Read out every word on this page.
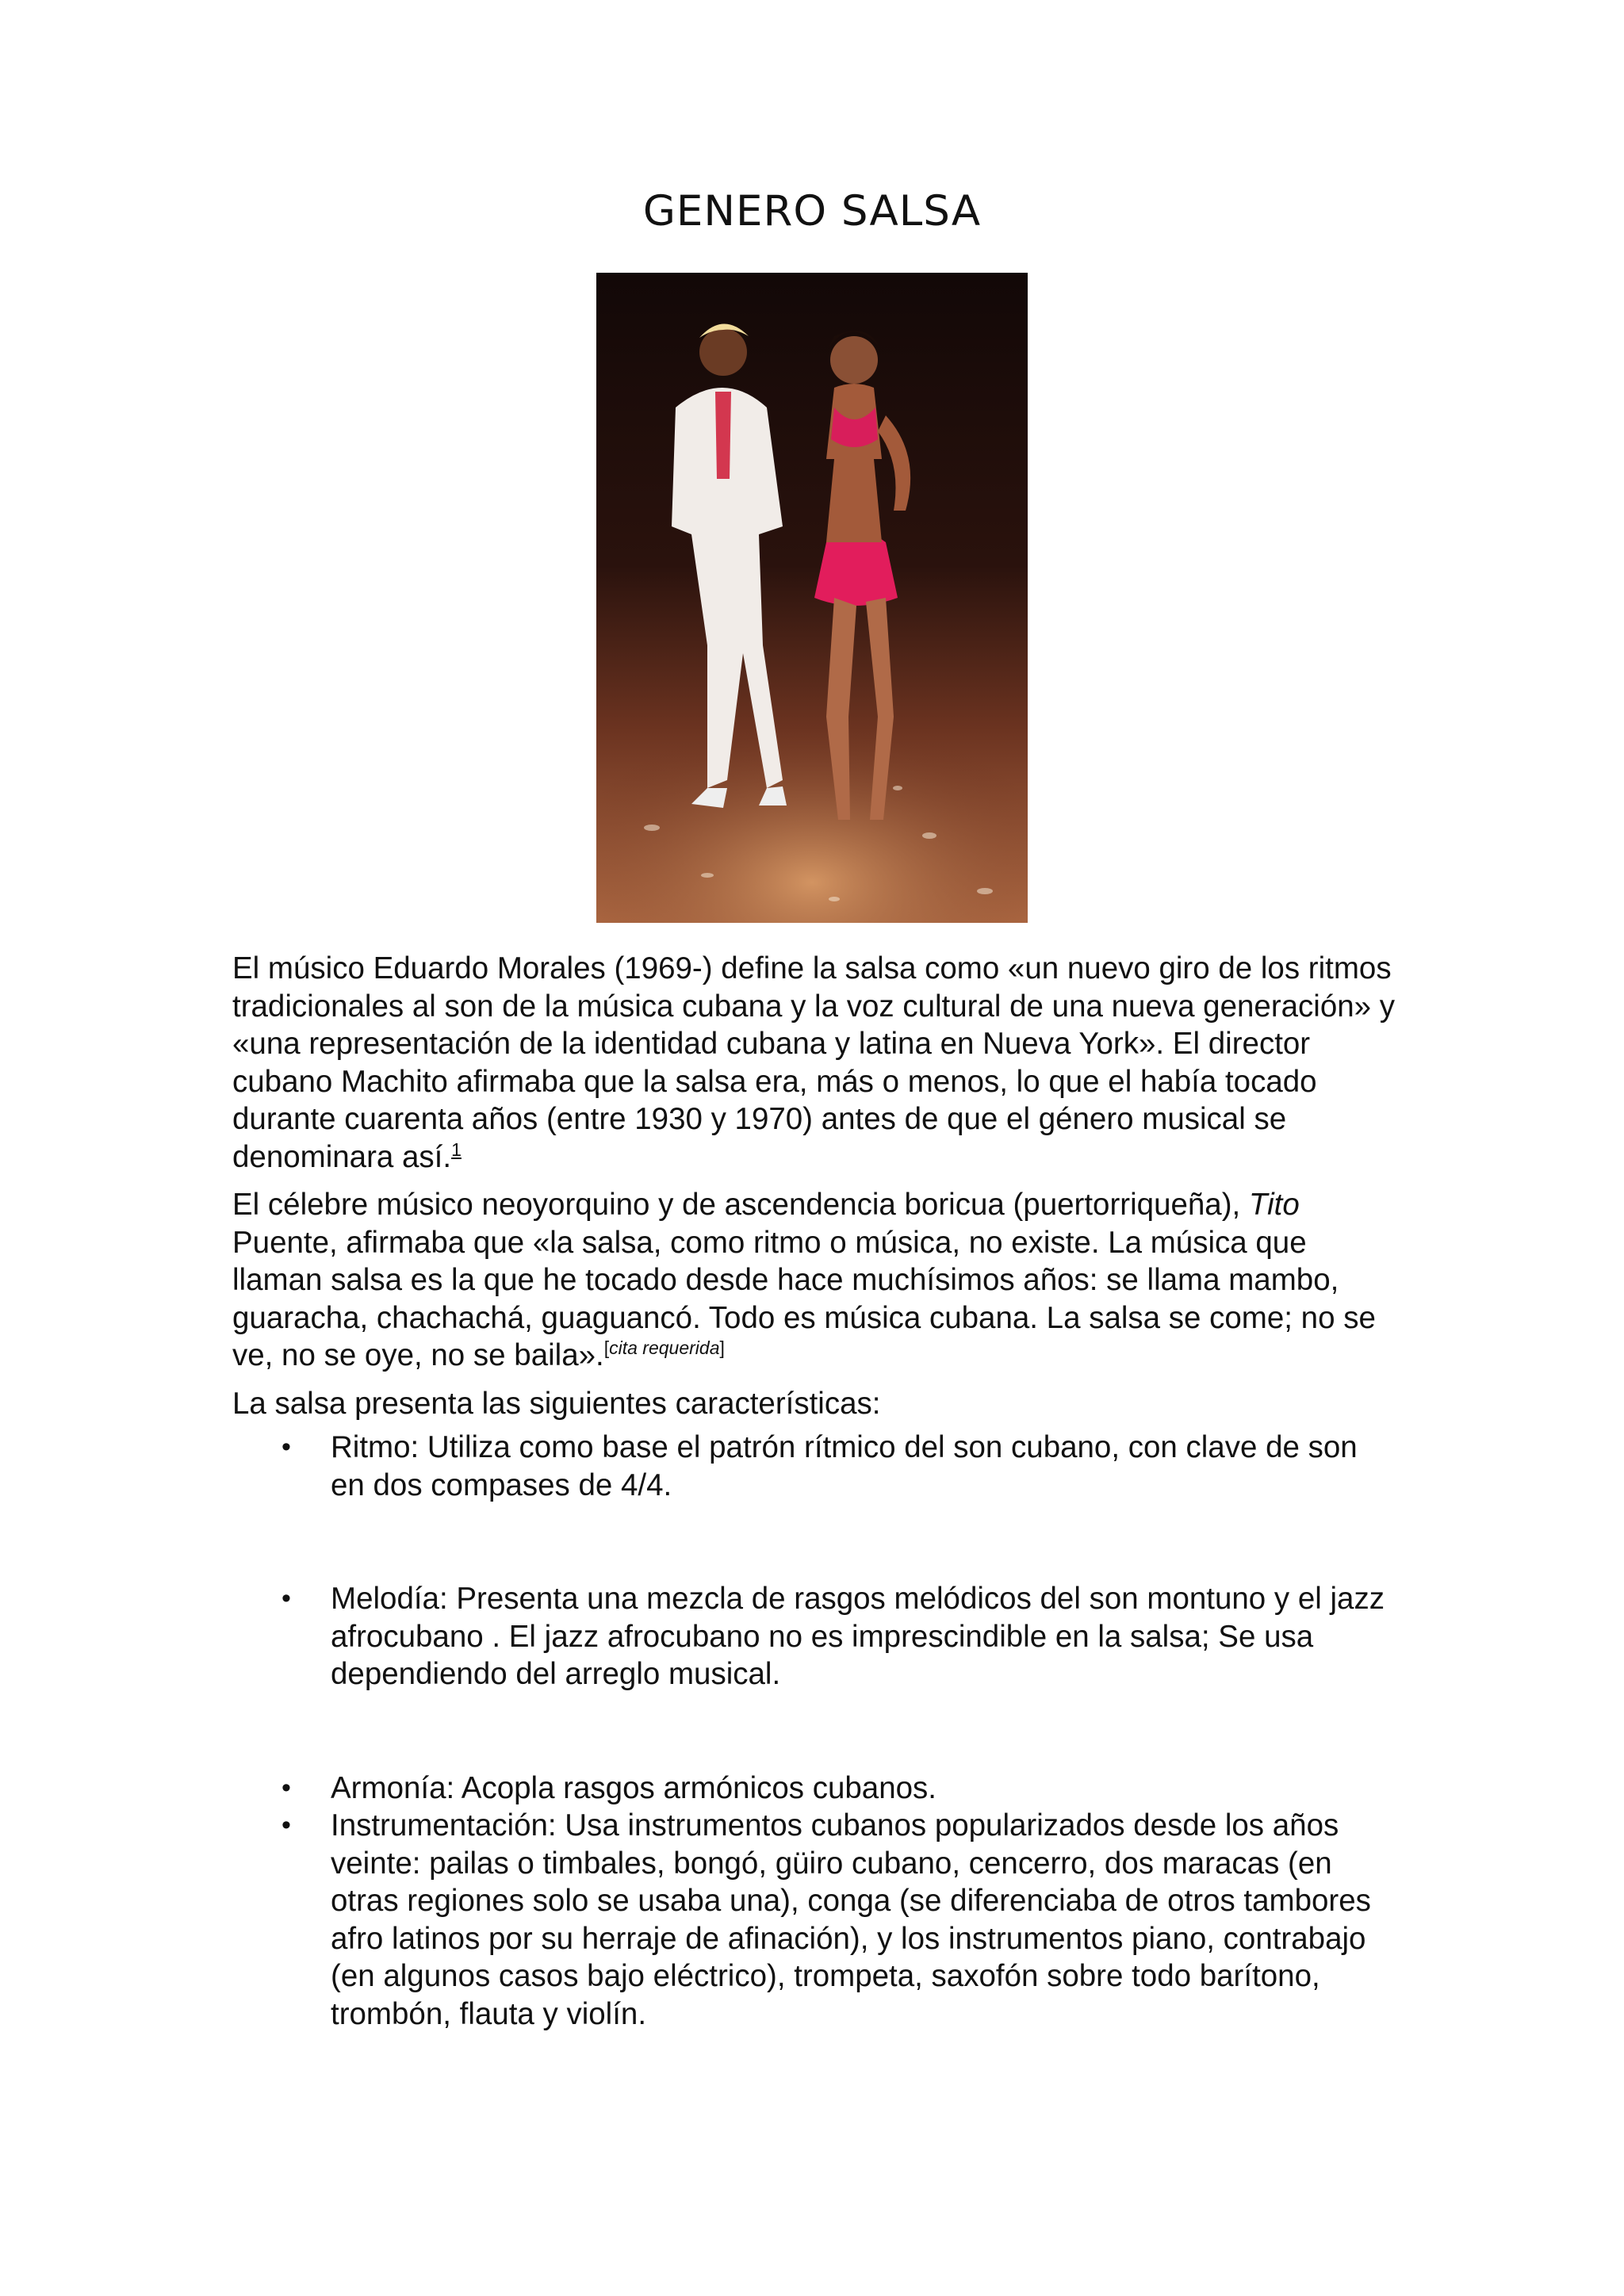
GENERO SALSA

El músico Eduardo Morales (1969-) define la salsa como «un nuevo giro de los ritmos tradicionales al son de la música cubana y la voz cultural de una nueva generación» y «una representación de la identidad cubana y latina en Nueva York». El director cubano Machito afirmaba que la salsa era, más o menos, lo que el había tocado durante cuarenta años (entre 1930 y 1970) antes de que el género musical se denominara así.$^1$

El célebre músico neoyorquino y de ascendencia boricua (puertorriqueña), Tito Puente, afirmaba que «la salsa, como ritmo o música, no existe. La música que llaman salsa es la que he tocado desde hace muchísimos años: se llama mambo, guaracha, chachachá, guaguancó. Todo es música cubana. La salsa se come; no se ve, no se oye, no se baila».[cita requerida]

La salsa presenta las siguientes características:

• Ritmo: Utiliza como base el patrón rítmico del son cubano, con clave de son en dos compases de 4/4.
• Melodía: Presenta una mezcla de rasgos melódicos del son montuno y el jazz afrocubano . El jazz afrocubano no es imprescindible en la salsa; Se usa dependiendo del arreglo musical.
• Armonía: Acopla rasgos armónicos cubanos.
• Instrumentación: Usa instrumentos cubanos popularizados desde los años veinte: pailas o timbales, bongó, güiro cubano, cencerro, dos maracas (en otras regiones solo se usaba una), conga (se diferenciaba de otros tambores afro latinos por su herraje de afinación), y los instrumentos piano, contrabajo (en algunos casos bajo eléctrico), trompeta, saxofón sobre todo barítono, trombón, flauta y violín.
